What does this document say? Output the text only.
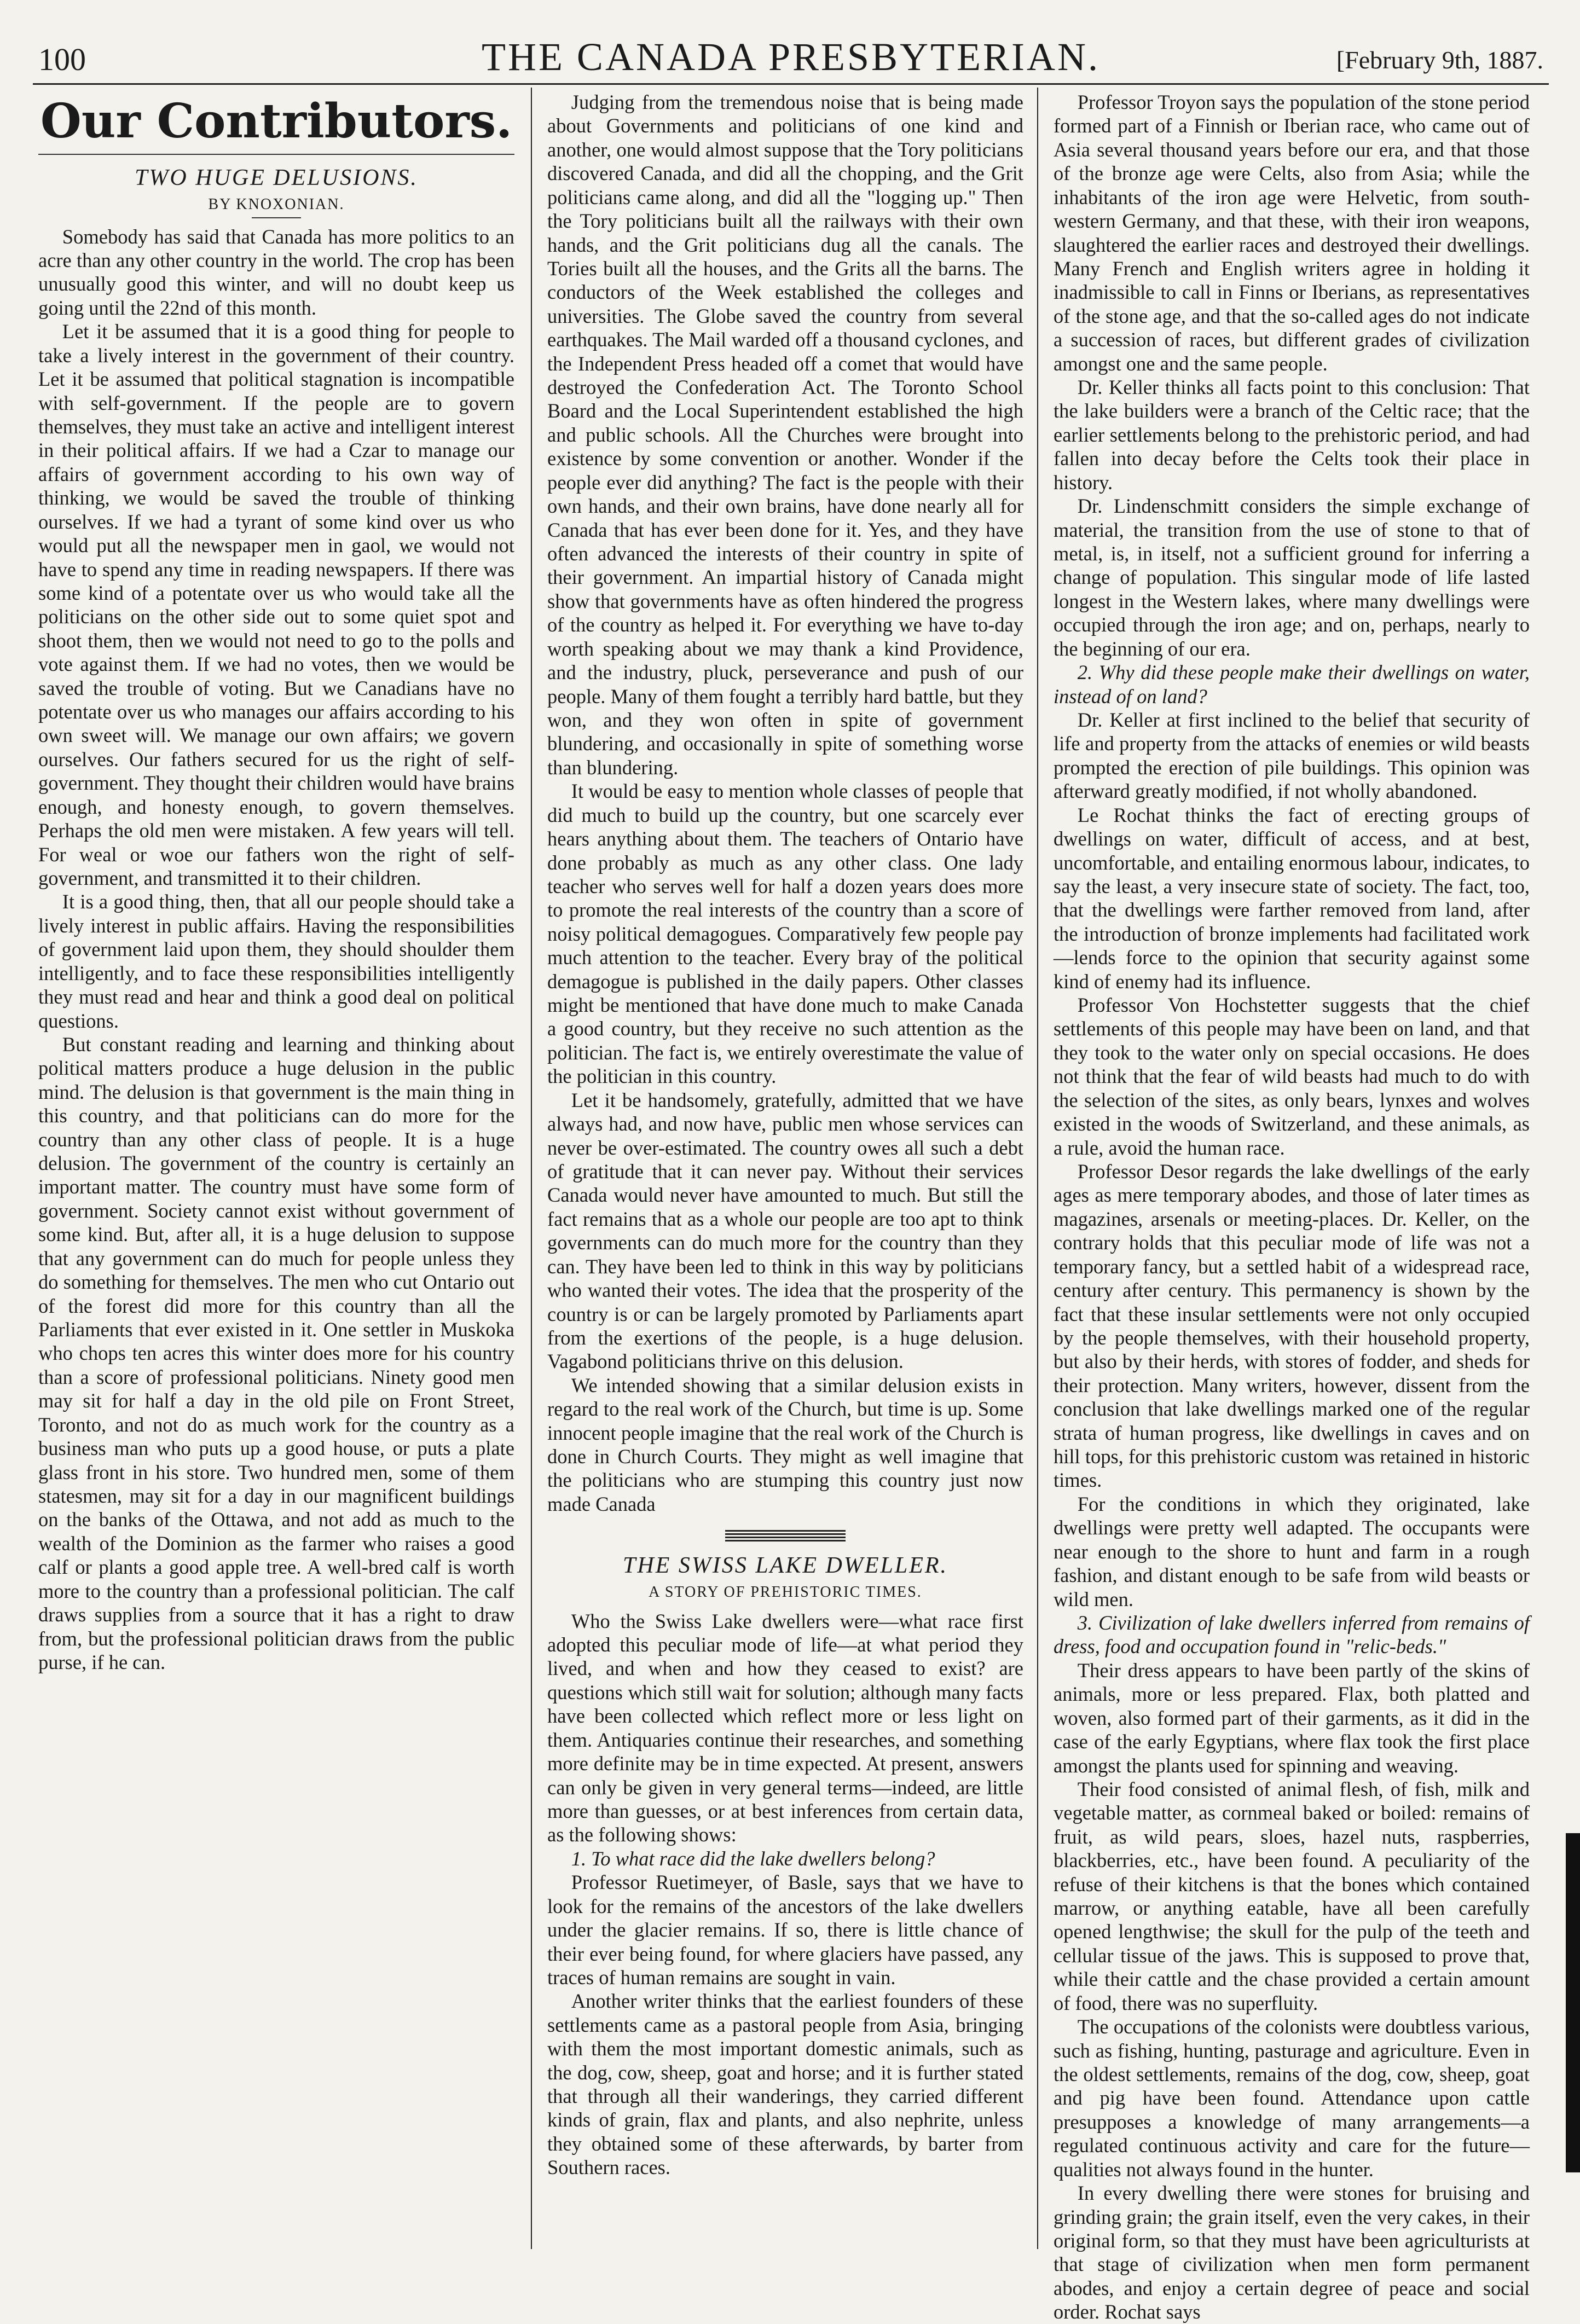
100	THE CANADA PRESBYTERIAN.	[February 9th, 1887.
Our Contributors.
TWO HUGE DELUSIONS.
BY KNOXONIAN.

Somebody has said that Canada has more politics to an acre than any other country in the world. The crop has been unusually good this winter, and will no doubt keep us going until the 22nd of this month.

Let it be assumed that it is a good thing for people to take a lively interest in the government of their country. Let it be assumed that political stagnation is incompatible with self-government. If the people are to govern themselves, they must take an active and intelligent interest in their political affairs. If we had a Czar to manage our affairs of government according to his own way of thinking, we would be saved the trouble of thinking ourselves. If we had a tyrant of some kind over us who would put all the newspaper men in gaol, we would not have to spend any time in reading newspapers. If there was some kind of a potentate over us who would take all the politicians on the other side out to some quiet spot and shoot them, then we would not need to go to the polls and vote against them. If we had no votes, then we would be saved the trouble of voting. But we Canadians have no potentate over us who manages our affairs according to his own sweet will. We manage our own affairs; we govern ourselves. Our fathers secured for us the right of self-government. They thought their children would have brains enough, and honesty enough, to govern themselves. Perhaps the old men were mistaken. A few years will tell. For weal or woe our fathers won the right of self-government, and transmitted it to their children.

It is a good thing, then, that all our people should take a lively interest in public affairs. Having the responsibilities of government laid upon them, they should shoulder them intelligently, and to face these responsibilities intelligently they must read and hear and think a good deal on political questions.

But constant reading and learning and thinking about political matters produce a huge delusion in the public mind. The delusion is that government is the main thing in this country, and that politicians can do more for the country than any other class of people. It is a huge delusion. The government of the country is certainly an important matter. The country must have some form of government. Society cannot exist without government of some kind. But, after all, it is a huge delusion to suppose that any government can do much for people unless they do something for themselves. The men who cut Ontario out of the forest did more for this country than all the Parliaments that ever existed in it. One settler in Muskoka who chops ten acres this winter does more for his country than a score of professional politicians. Ninety good men may sit for half a day in the old pile on Front Street, Toronto, and not do as much work for the country as a business man who puts up a good house, or puts a plate glass front in his store. Two hundred men, some of them statesmen, may sit for a day in our magnificent buildings on the banks of the Ottawa, and not add as much to the wealth of the Dominion as the farmer who raises a good calf or plants a good apple tree. A well-bred calf is worth more to the country than a professional politician. The calf draws supplies from a source that it has a right to draw from, but the professional politician draws from the public purse, if he can.

Judging from the tremendous noise that is being made about Governments and politicians of one kind and another, one would almost suppose that the Tory politicians discovered Canada, and did all the chopping, and the Grit politicians came along, and did all the "logging up." Then the Tory politicians built all the railways with their own hands, and the Grit politicians dug all the canals. The Tories built all the houses, and the Grits all the barns. The conductors of the Week established the colleges and universities. The Globe saved the country from several earthquakes. The Mail warded off a thousand cyclones, and the Independent Press headed off a comet that would have destroyed the Confederation Act. The Toronto School Board and the Local Superintendent established the high and public schools. All the Churches were brought into existence by some convention or another. Wonder if the people ever did anything? The fact is the people with their own hands, and their own brains, have done nearly all for Canada that has ever been done for it. Yes, and they have often advanced the interests of their country in spite of their government. An impartial history of Canada might show that governments have as often hindered the progress of the country as helped it. For everything we have to-day worth speaking about we may thank a kind Providence, and the industry, pluck, perseverance and push of our people. Many of them fought a terribly hard battle, but they won, and they won often in spite of government blundering, and occasionally in spite of something worse than blundering.

It would be easy to mention whole classes of people that did much to build up the country, but one scarcely ever hears anything about them. The teachers of Ontario have done probably as much as any other class. One lady teacher who serves well for half a dozen years does more to promote the real interests of the country than a score of noisy political demagogues. Comparatively few people pay much attention to the teacher. Every bray of the political demagogue is published in the daily papers. Other classes might be mentioned that have done much to make Canada a good country, but they receive no such attention as the politician. The fact is, we entirely overestimate the value of the politician in this country.

Let it be handsomely, gratefully, admitted that we have always had, and now have, public men whose services can never be over-estimated. The country owes all such a debt of gratitude that it can never pay. Without their services Canada would never have amounted to much. But still the fact remains that as a whole our people are too apt to think governments can do much more for the country than they can. They have been led to think in this way by politicians who wanted their votes. The idea that the prosperity of the country is or can be largely promoted by Parliaments apart from the exertions of the people, is a huge delusion. Vagabond politicians thrive on this delusion.

We intended showing that a similar delusion exists in regard to the real work of the Church, but time is up. Some innocent people imagine that the real work of the Church is done in Church Courts. They might as well imagine that the politicians who are stumping this country just now made Canada

THE SWISS LAKE DWELLER.
A STORY OF PREHISTORIC TIMES.

Who the Swiss Lake dwellers were—what race first adopted this peculiar mode of life—at what period they lived, and when and how they ceased to exist? are questions which still wait for solution; although many facts have been collected which reflect more or less light on them. Antiquaries continue their researches, and something more definite may be in time expected. At present, answers can only be given in very general terms—indeed, are little more than guesses, or at best inferences from certain data, as the following shows:

1. To what race did the lake dwellers belong?

Professor Ruetimeyer, of Basle, says that we have to look for the remains of the ancestors of the lake dwellers under the glacier remains. If so, there is little chance of their ever being found, for where glaciers have passed, any traces of human remains are sought in vain.

Another writer thinks that the earliest founders of these settlements came as a pastoral people from Asia, bringing with them the most important domestic animals, such as the dog, cow, sheep, goat and horse; and it is further stated that through all their wanderings, they carried different kinds of grain, flax and plants, and also nephrite, unless they obtained some of these afterwards, by barter from Southern races.

Professor Troyon says the population of the stone period formed part of a Finnish or Iberian race, who came out of Asia several thousand years before our era, and that those of the bronze age were Celts, also from Asia; while the inhabitants of the iron age were Helvetic, from south-western Germany, and that these, with their iron weapons, slaughtered the earlier races and destroyed their dwellings. Many French and English writers agree in holding it inadmissible to call in Finns or Iberians, as representatives of the stone age, and that the so-called ages do not indicate a succession of races, but different grades of civilization amongst one and the same people.

Dr. Keller thinks all facts point to this conclusion: That the lake builders were a branch of the Celtic race; that the earlier settlements belong to the prehistoric period, and had fallen into decay before the Celts took their place in history.

Dr. Lindenschmitt considers the simple exchange of material, the transition from the use of stone to that of metal, is, in itself, not a sufficient ground for inferring a change of population. This singular mode of life lasted longest in the Western lakes, where many dwellings were occupied through the iron age; and on, perhaps, nearly to the beginning of our era.

2. Why did these people make their dwellings on water, instead of on land?

Dr. Keller at first inclined to the belief that security of life and property from the attacks of enemies or wild beasts prompted the erection of pile buildings. This opinion was afterward greatly modified, if not wholly abandoned.

Le Rochat thinks the fact of erecting groups of dwellings on water, difficult of access, and at best, uncomfortable, and entailing enormous labour, indicates, to say the least, a very insecure state of society. The fact, too, that the dwellings were farther removed from land, after the introduction of bronze implements had facilitated work—lends force to the opinion that security against some kind of enemy had its influence.

Professor Von Hochstetter suggests that the chief settlements of this people may have been on land, and that they took to the water only on special occasions. He does not think that the fear of wild beasts had much to do with the selection of the sites, as only bears, lynxes and wolves existed in the woods of Switzerland, and these animals, as a rule, avoid the human race.

Professor Desor regards the lake dwellings of the early ages as mere temporary abodes, and those of later times as magazines, arsenals or meeting-places. Dr. Keller, on the contrary holds that this peculiar mode of life was not a temporary fancy, but a settled habit of a widespread race, century after century. This permanency is shown by the fact that these insular settlements were not only occupied by the people themselves, with their household property, but also by their herds, with stores of fodder, and sheds for their protection. Many writers, however, dissent from the conclusion that lake dwellings marked one of the regular strata of human progress, like dwellings in caves and on hill tops, for this prehistoric custom was retained in historic times.

For the conditions in which they originated, lake dwellings were pretty well adapted. The occupants were near enough to the shore to hunt and farm in a rough fashion, and distant enough to be safe from wild beasts or wild men.

3. Civilization of lake dwellers inferred from remains of dress, food and occupation found in "relic-beds."

Their dress appears to have been partly of the skins of animals, more or less prepared. Flax, both platted and woven, also formed part of their garments, as it did in the case of the early Egyptians, where flax took the first place amongst the plants used for spinning and weaving.

Their food consisted of animal flesh, of fish, milk and vegetable matter, as cornmeal baked or boiled: remains of fruit, as wild pears, sloes, hazel nuts, raspberries, blackberries, etc., have been found. A peculiarity of the refuse of their kitchens is that the bones which contained marrow, or anything eatable, have all been carefully opened lengthwise; the skull for the pulp of the teeth and cellular tissue of the jaws. This is supposed to prove that, while their cattle and the chase provided a certain amount of food, there was no superfluity.

The occupations of the colonists were doubtless various, such as fishing, hunting, pasturage and agriculture. Even in the oldest settlements, remains of the dog, cow, sheep, goat and pig have been found. Attendance upon cattle presupposes a knowledge of many arrangements—a regulated continuous activity and care for the future—qualities not always found in the hunter.

In every dwelling there were stones for bruising and grinding grain; the grain itself, even the very cakes, in their original form, so that they must have been agriculturists at that stage of civilization when men form permanent abodes, and enjoy a certain degree of peace and social order. Rochat says
